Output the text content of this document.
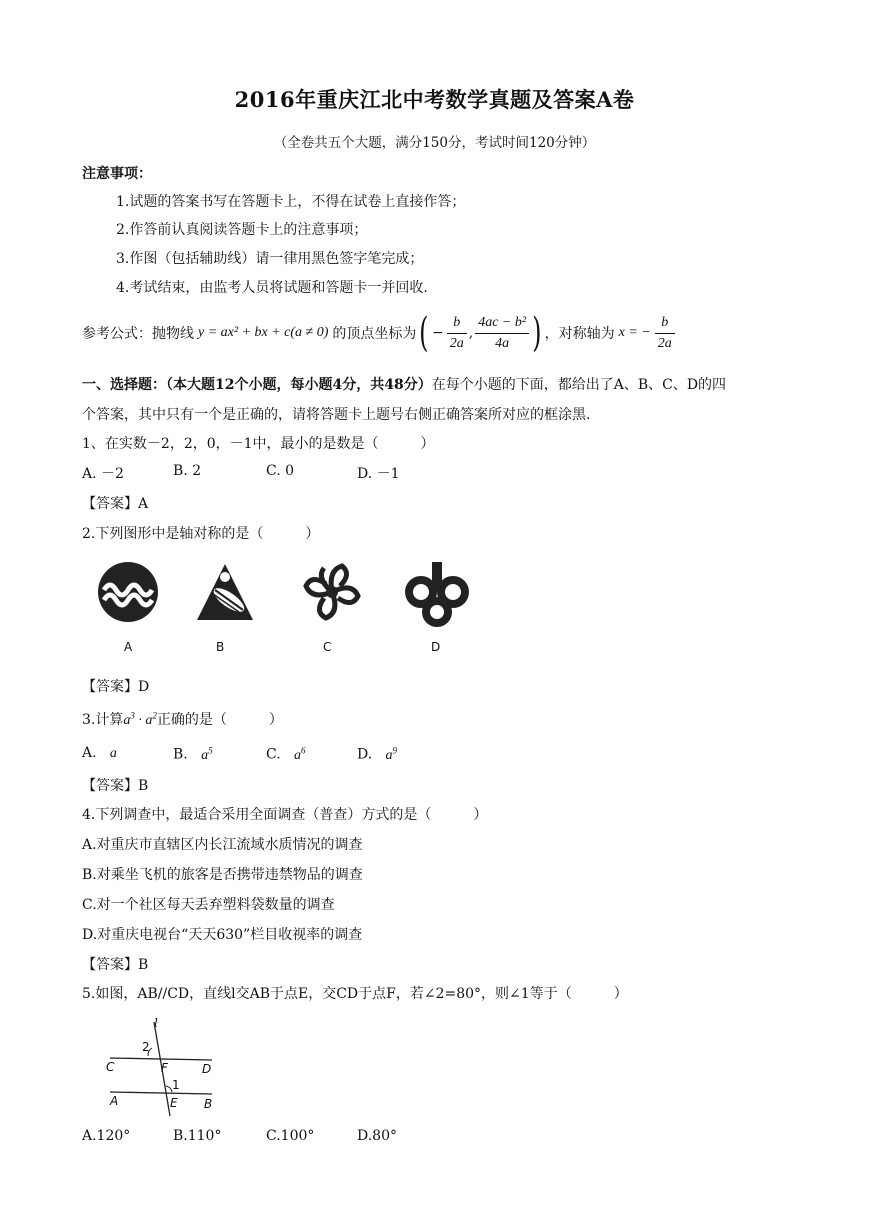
2016年重庆江北中考数学真题及答案A卷
（全卷共五个大题，满分150分，考试时间120分钟）
注意事项：
1.试题的答案书写在答题卡上，不得在试卷上直接作答；
2.作答前认真阅读答题卡上的注意事项；
3.作图（包括辅助线）请一律用黑色签字笔完成；
4.考试结束，由监考人员将试题和答题卡一并回收.
参考公式：抛物线 y = ax² + bx + c(a ≠ 0) 的顶点坐标为 ( − $\frac{b}{2a}$ , $\frac{\text{4ac − b²}}{4a}$ ) ，对称轴为 x = − $\frac{b}{2a}$
一、选择题：（本大题12个小题，每小题4分，共48分）在每个小题的下面，都给出了A、B、C、D的四
个答案，其中只有一个是正确的，请将答题卡上题号右侧正确答案所对应的框涂黑.
1、在实数－2，2，0，－1中，最小的是数是（　　　）
A. －2	B. 2	C. 0	D. －1
【答案】A
2.下列图形中是轴对称的是（　　　）
A	B	C	D
【答案】D
3.计算$a^3 \cdot a^2$正确的是（　　　）
A. a	B. $a^5$	C. $a^6$	D. $a^9$
【答案】B
4.下列调查中，最适合采用全面调查（普查）方式的是（　　　）
A.对重庆市直辖区内长江流域水质情况的调查
B.对乘坐飞机的旅客是否携带违禁物品的调查
C.对一个社区每天丢弃塑料袋数量的调查
D.对重庆电视台“天天630”栏目收视率的调查
【答案】B
5.如图，AB//CD，直线l交AB于点E，交CD于点F，若∠2=80°，则∠1等于（　　　）
l
2
1
C	F	D
A	E B
A.120°	B.110°	C.100°	D.80°
